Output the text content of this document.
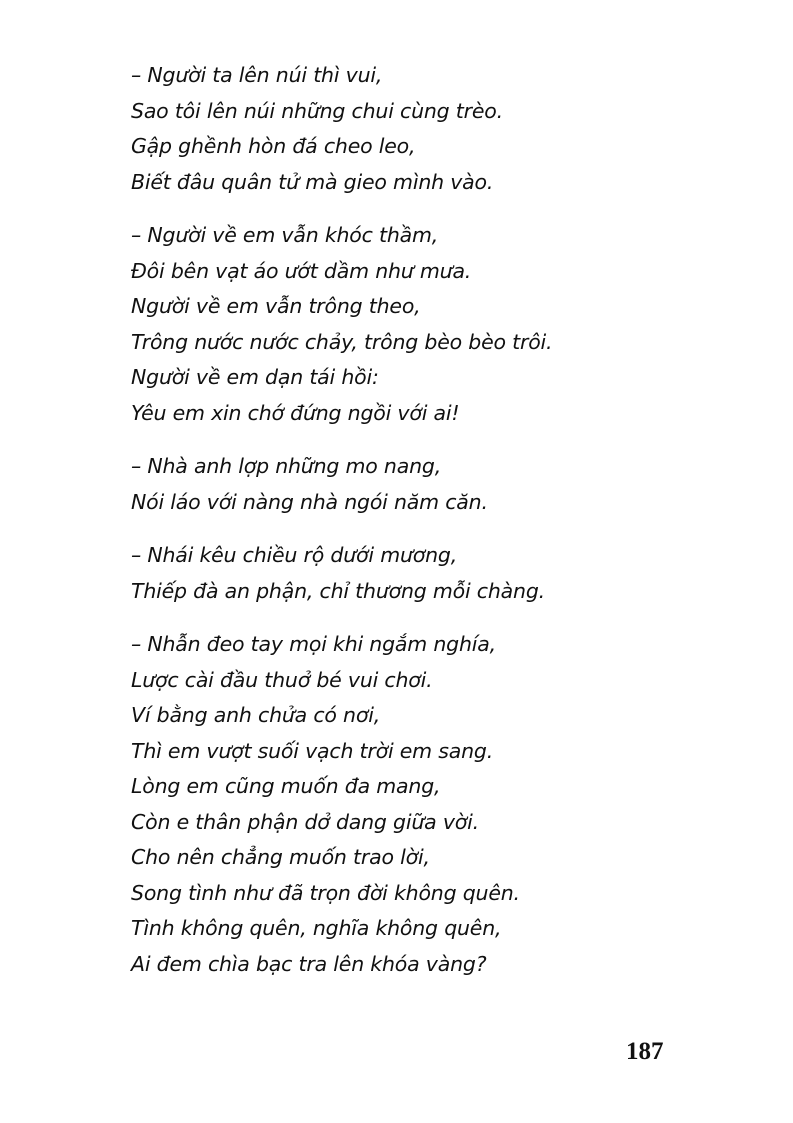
– Người ta lên núi thì vui,
Sao tôi lên núi những chui cùng trèo.
Gập ghềnh hòn đá cheo leo,
Biết đâu quân tử mà gieo mình vào.
– Người về em vẫn khóc thầm,
Đôi bên vạt áo ướt dầm như mưa.
Người về em vẫn trông theo,
Trông nước nước chảy, trông bèo bèo trôi.
Người về em dạn tái hồi:
Yêu em xin chớ đứng ngồi với ai!
– Nhà anh lợp những mo nang,
Nói láo với nàng nhà ngói năm căn.
– Nhái kêu chiều rộ dưới mương,
Thiếp đà an phận, chỉ thương mỗi chàng.
– Nhẫn đeo tay mọi khi ngắm nghía,
Lược cài đầu thuở bé vui chơi.
Ví bằng anh chửa có nơi,
Thì em vượt suối vạch trời em sang.
Lòng em cũng muốn đa mang,
Còn e thân phận dở dang giữa vời.
Cho nên chẳng muốn trao lời,
Song tình như đã trọn đời không quên.
Tình không quên, nghĩa không quên,
Ai đem chìa bạc tra lên khóa vàng?
187
